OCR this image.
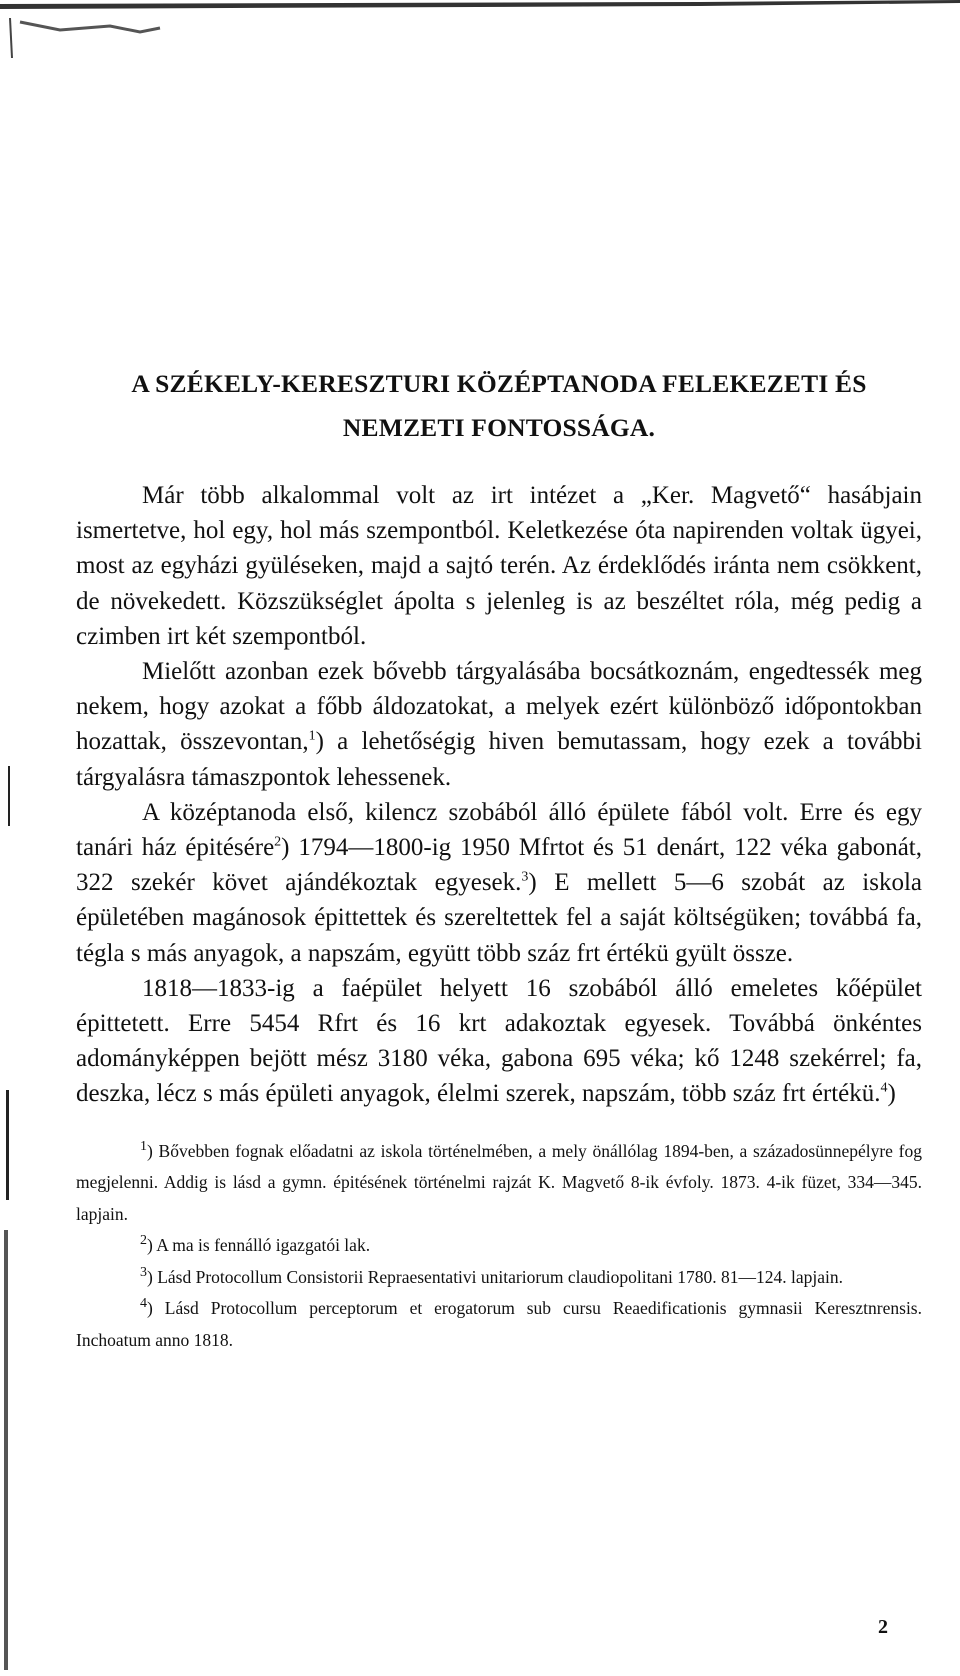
A SZÉKELY-KERESZTURI KÖZÉPTANODA FELEKEZETI ÉS
NEMZETI FONTOSSÁGA.

Már több alkalommal volt az irt intézet a „Ker. Magvető“ hasábjain ismertetve, hol egy, hol más szempontból. Keletkezése óta napirenden voltak ügyei, most az egyházi gyüléseken, majd a sajtó terén. Az érdeklődés iránta nem csökkent, de növekedett. Közszükséglet ápolta s jelenleg is az beszéltet róla, még pedig a czimben irt két szempontból.

Mielőtt azonban ezek bővebb tárgyalásába bocsátkoznám, engedtessék meg nekem, hogy azokat a főbb áldozatokat, a melyek ezért különböző időpontokban hozattak, összevontan,$^1$) a lehetőségig hiven bemutassam, hogy ezek a további tárgyalásra támaszpontok lehessenek.

A középtanoda első, kilencz szobából álló épülete fából volt. Erre és egy tanári ház épitésére$^2$) 1794—1800-ig 1950 Mfrtot és 51 denárt, 122 véka gabonát, 322 szekér követ ajándékoztak egyesek.$^3$) E mellett 5—6 szobát az iskola épületében magánosok épittettek és szereltettek fel a saját költségüken; továbbá fa, tégla s más anyagok, a napszám, együtt több száz frt értékü gyült össze.

1818—1833-ig a faépület helyett 16 szobából álló emeletes kőépület épittetett. Erre 5454 Rfrt és 16 krt adakoztak egyesek. Továbbá önkéntes adományképpen bejött mész 3180 véka, gabona 695 véka; kő 1248 szekérrel; fa, deszka, lécz s más épületi anyagok, élelmi szerek, napszám, több száz frt értékü.$^4$)

$^1$) Bővebben fognak előadatni az iskola történelmében, a mely önállólag 1894-ben, a századosünnepélyre fog megjelenni. Addig is lásd a gymn. épitésének történelmi rajzát K. Magvető 8-ik évfoly. 1873. 4-ik füzet, 334—345. lapjain.

$^2$) A ma is fennálló igazgatói lak.

$^3$) Lásd Protocollum Consistorii Repraesentativi unitariorum claudiopolitani 1780. 81—124. lapjain.

$^4$) Lásd Protocollum perceptorum et erogatorum sub cursu Reaedificationis gymnasii Keresztnrensis. Inchoatum anno 1818.

2
